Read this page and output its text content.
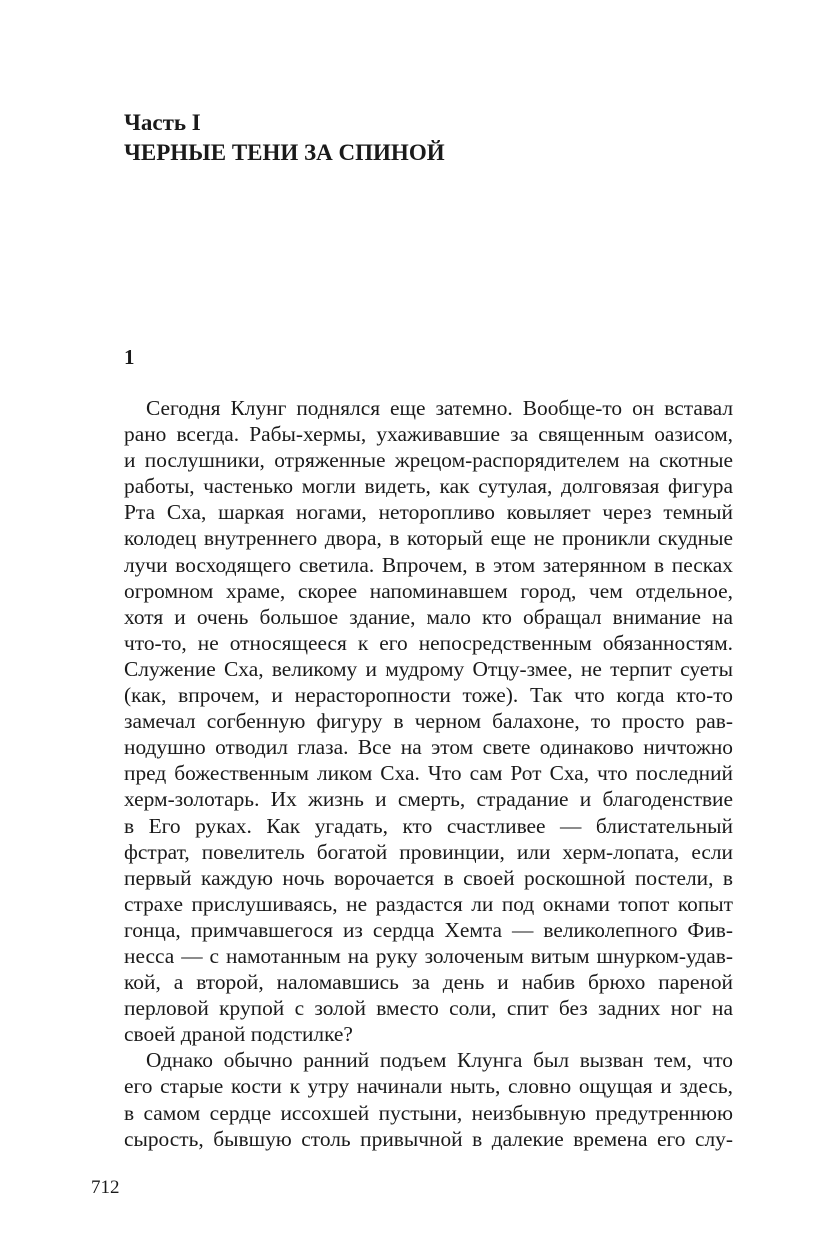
Часть I
ЧЕРНЫЕ ТЕНИ ЗА СПИНОЙ
1

Сегодня Клунг поднялся еще затемно. Вообще-то он вставал
рано всегда. Рабы-хермы, ухаживавшие за священным оазисом,
и послушники, отряженные жрецом-распорядителем на скотные
работы, частенько могли видеть, как сутулая, долговязая фигура
Рта Сха, шаркая ногами, неторопливо ковыляет через темный
колодец внутреннего двора, в который еще не проникли скудные
лучи восходящего светила. Впрочем, в этом затерянном в песках
огромном храме, скорее напоминавшем город, чем отдельное,
хотя и очень большое здание, мало кто обращал внимание на
что-то, не относящееся к его непосредственным обязанностям.
Служение Сха, великому и мудрому Отцу-змее, не терпит суеты
(как, впрочем, и нерасторопности тоже). Так что когда кто-то
замечал согбенную фигуру в черном балахоне, то просто рав-
нодушно отводил глаза. Все на этом свете одинаково ничтожно
пред божественным ликом Сха. Что сам Рот Сха, что последний
херм-золотарь. Их жизнь и смерть, страдание и благоденствие
в Его руках. Как угадать, кто счастливее — блистательный
фстрат, повелитель богатой провинции, или херм-лопата, если
первый каждую ночь ворочается в своей роскошной постели, в
страхе прислушиваясь, не раздастся ли под окнами топот копыт
гонца, примчавшегося из сердца Хемта — великолепного Фив-
несса — с намотанным на руку золоченым витым шнурком-удав-
кой, а второй, наломавшись за день и набив брюхо пареной
перловой крупой с золой вместо соли, спит без задних ног на
своей драной подстилке?

Однако обычно ранний подъем Клунга был вызван тем, что
его старые кости к утру начинали ныть, словно ощущая и здесь,
в самом сердце иссохшей пустыни, неизбывную предутреннюю
сырость, бывшую столь привычной в далекие времена его слу-

712
